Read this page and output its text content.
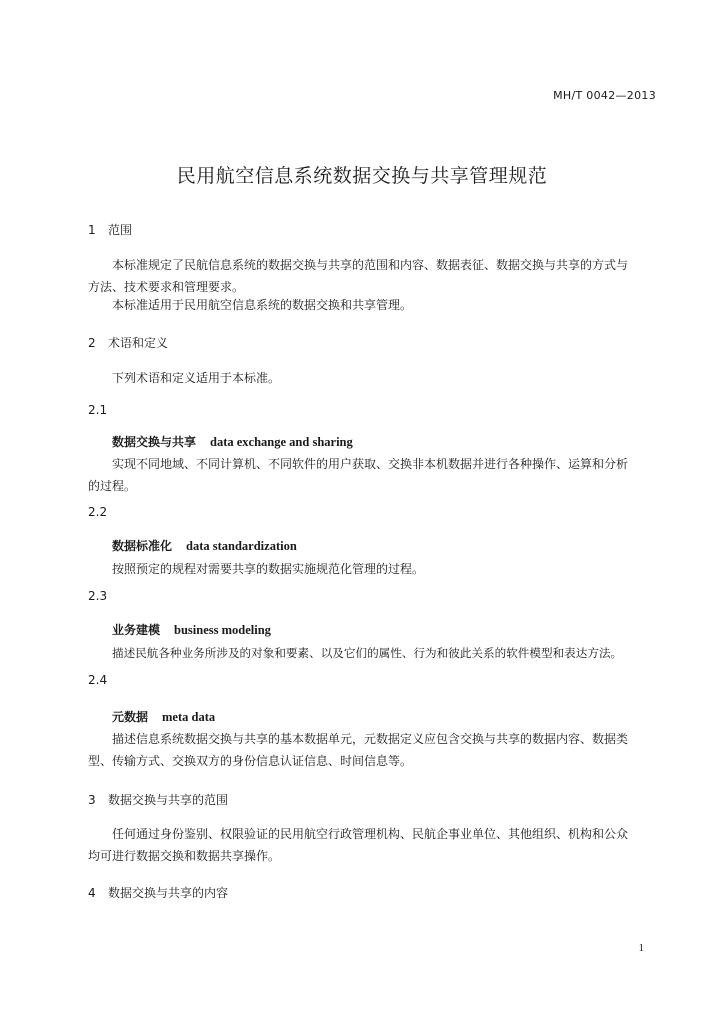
MH/T 0042—2013
民用航空信息系统数据交换与共享管理规范
1 范围
本标准规定了民航信息系统的数据交换与共享的范围和内容、数据表征、数据交换与共享的方式与
方法、技术要求和管理要求。
本标准适用于民用航空信息系统的数据交换和共享管理。
2 术语和定义
下列术语和定义适用于本标准。
2.1
数据交换与共享 data exchange and sharing
实现不同地域、不同计算机、不同软件的用户获取、交换非本机数据并进行各种操作、运算和分析
的过程。
2.2
数据标准化 data standardization
按照预定的规程对需要共享的数据实施规范化管理的过程。
2.3
业务建模 business modeling
描述民航各种业务所涉及的对象和要素、以及它们的属性、行为和彼此关系的软件模型和表达方法。
2.4
元数据 meta data
描述信息系统数据交换与共享的基本数据单元，元数据定义应包含交换与共享的数据内容、数据类
型、传输方式、交换双方的身份信息认证信息、时间信息等。
3 数据交换与共享的范围
任何通过身份鉴别、权限验证的民用航空行政管理机构、民航企事业单位、其他组织、机构和公众
均可进行数据交换和数据共享操作。
4 数据交换与共享的内容
1
